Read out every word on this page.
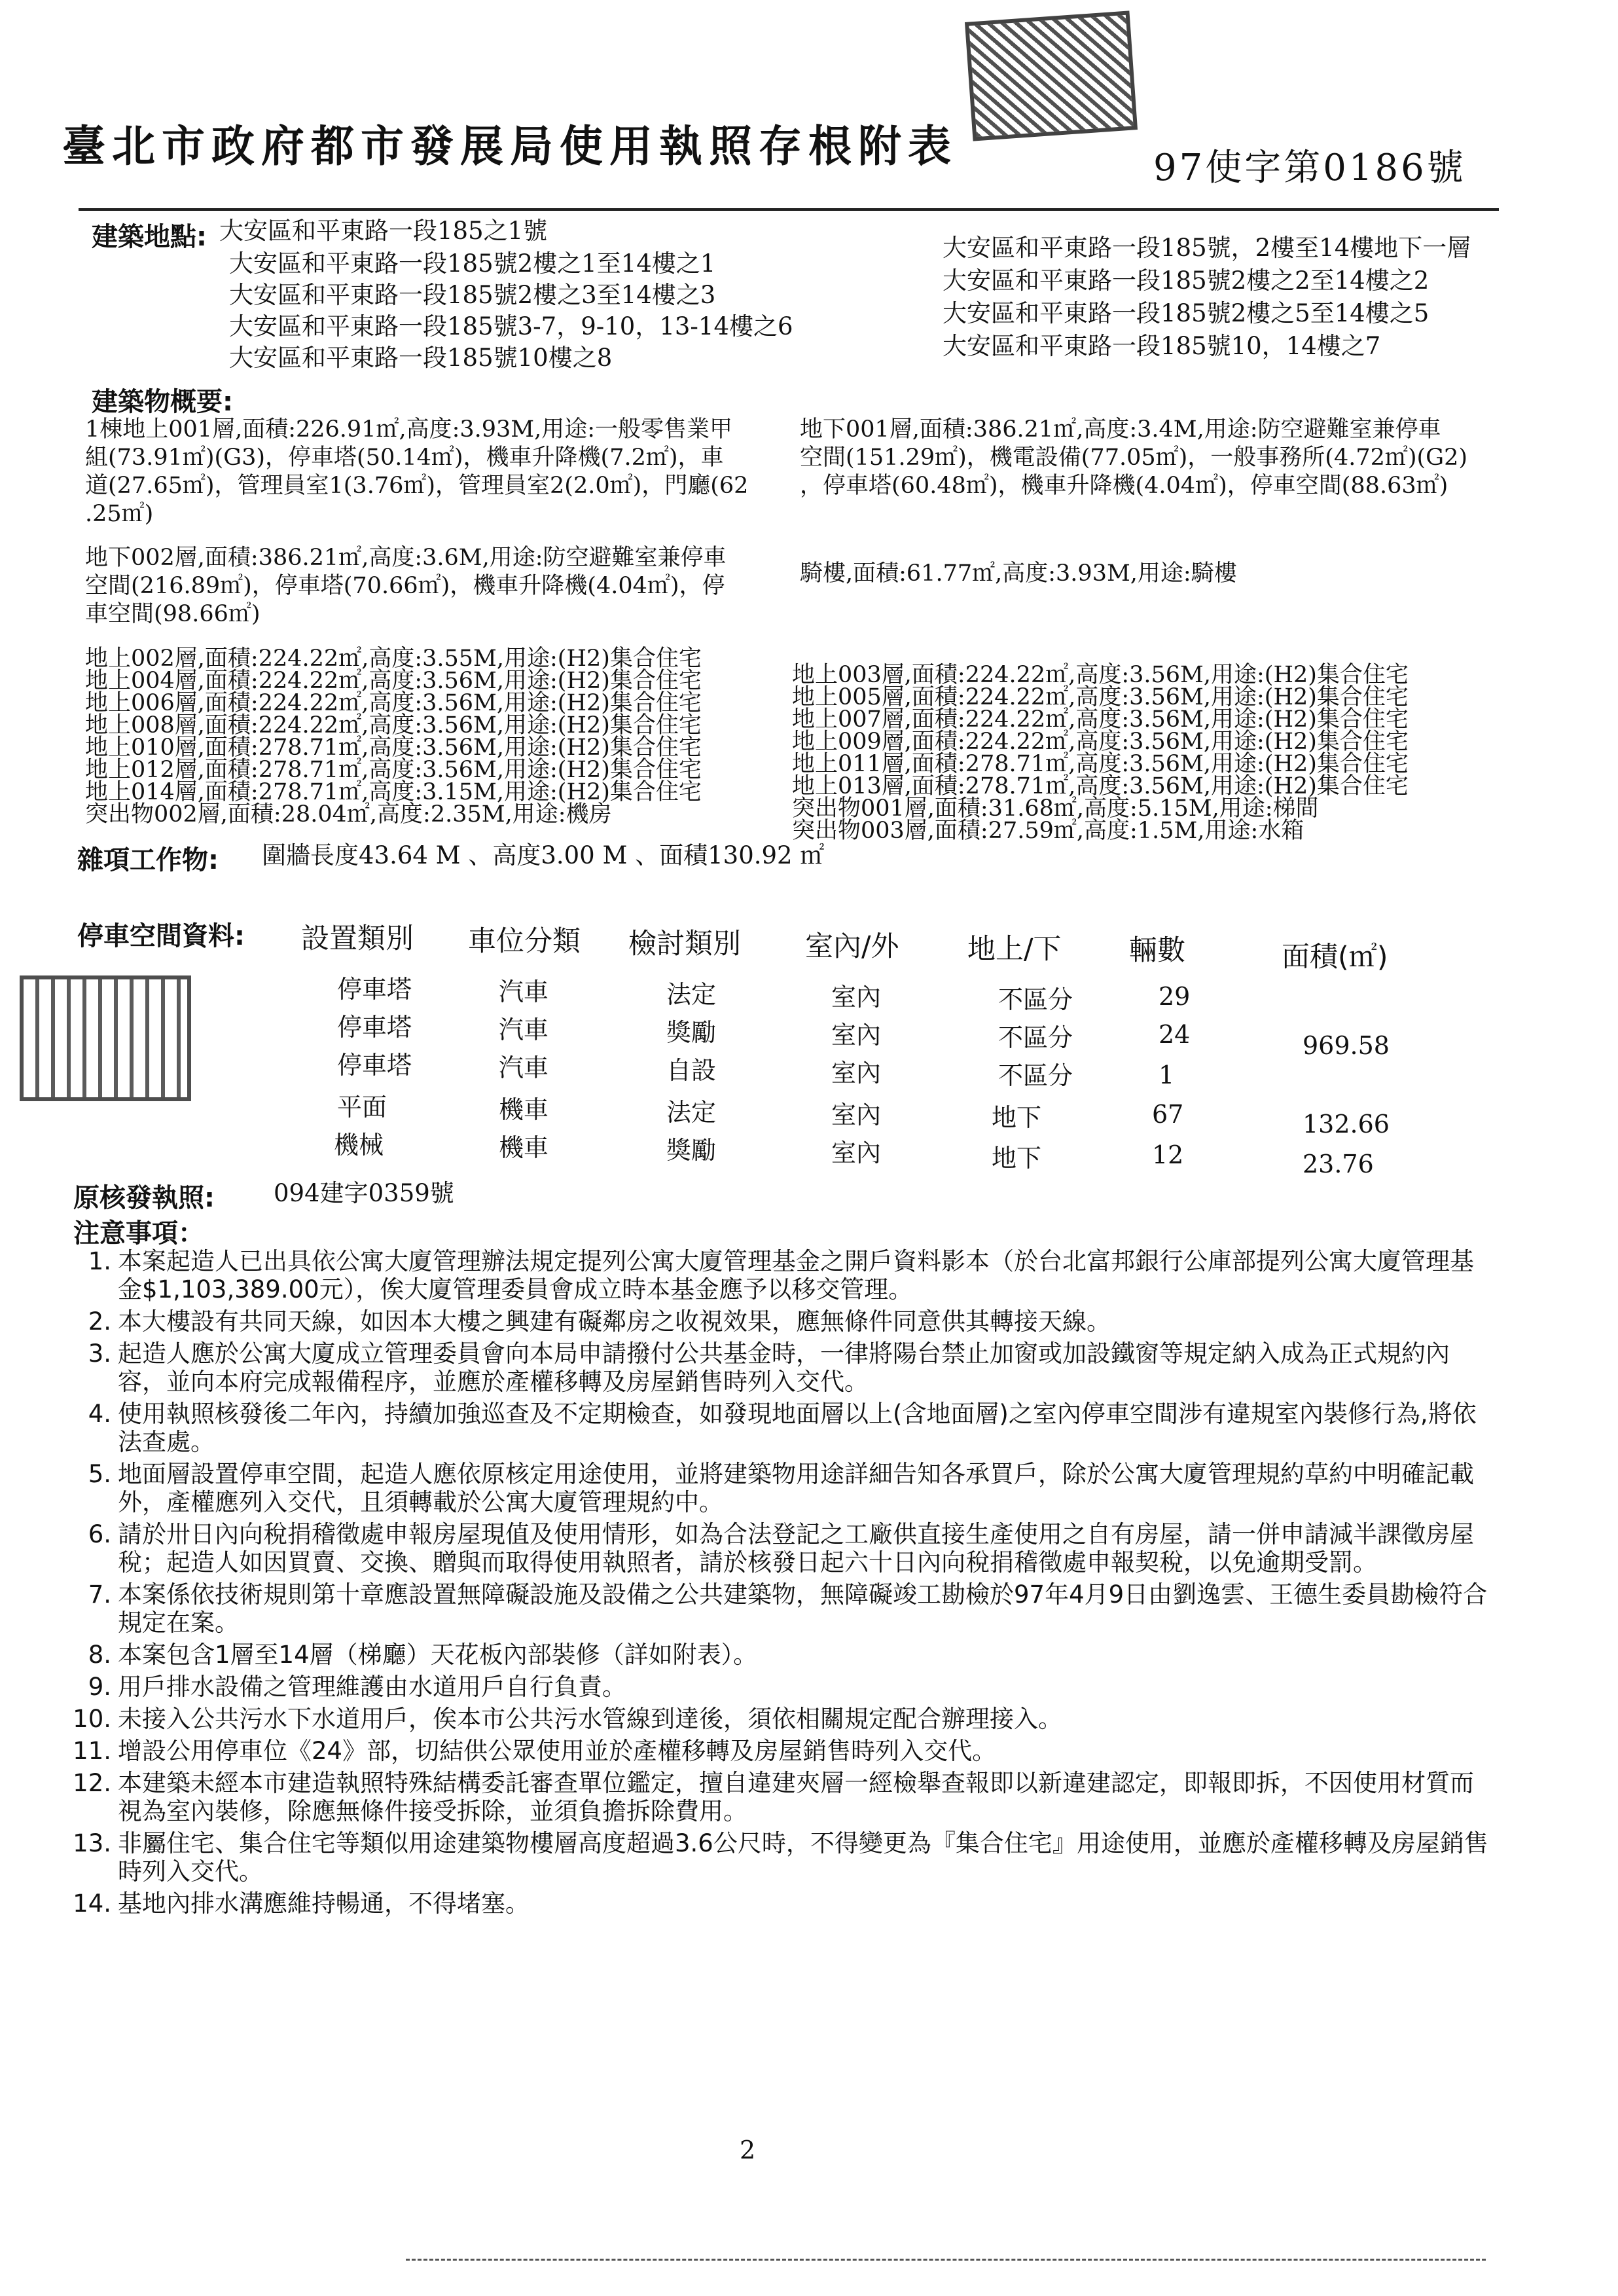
臺北市政府都市發展局使用執照存根附表	97使字第0186號
建築地點: 大安區和平東路一段185之1號
大安區和平東路一段185號2樓之1至14樓之1
大安區和平東路一段185號2樓之3至14樓之3
大安區和平東路一段185號3-7，9-10，13-14樓之6
大安區和平東路一段185號10樓之8
大安區和平東路一段185號，2樓至14樓地下一層
大安區和平東路一段185號2樓之2至14樓之2
大安區和平東路一段185號2樓之5至14樓之5
大安區和平東路一段185號10，14樓之7
建築物概要:
1棟地上001層,面積:226.91㎡,高度:3.93M,用途:一般零售業甲
組(73.91㎡)(G3)，停車塔(50.14㎡)，機車升降機(7.2㎡)，車
道(27.65㎡)，管理員室1(3.76㎡)，管理員室2(2.0㎡)，門廳(62
.25㎡)
地下001層,面積:386.21㎡,高度:3.4M,用途:防空避難室兼停車
空間(151.29㎡)，機電設備(77.05㎡)，一般事務所(4.72㎡)(G2)
，停車塔(60.48㎡)，機車升降機(4.04㎡)，停車空間(88.63㎡)
地下002層,面積:386.21㎡,高度:3.6M,用途:防空避難室兼停車
空間(216.89㎡)，停車塔(70.66㎡)，機車升降機(4.04㎡)，停
車空間(98.66㎡)
騎樓,面積:61.77㎡,高度:3.93M,用途:騎樓
地上002層,面積:224.22㎡,高度:3.55M,用途:(H2)集合住宅
地上004層,面積:224.22㎡,高度:3.56M,用途:(H2)集合住宅
地上006層,面積:224.22㎡,高度:3.56M,用途:(H2)集合住宅
地上008層,面積:224.22㎡,高度:3.56M,用途:(H2)集合住宅
地上010層,面積:278.71㎡,高度:3.56M,用途:(H2)集合住宅
地上012層,面積:278.71㎡,高度:3.56M,用途:(H2)集合住宅
地上014層,面積:278.71㎡,高度:3.15M,用途:(H2)集合住宅
突出物002層,面積:28.04㎡,高度:2.35M,用途:機房
地上003層,面積:224.22㎡,高度:3.56M,用途:(H2)集合住宅
地上005層,面積:224.22㎡,高度:3.56M,用途:(H2)集合住宅
地上007層,面積:224.22㎡,高度:3.56M,用途:(H2)集合住宅
地上009層,面積:224.22㎡,高度:3.56M,用途:(H2)集合住宅
地上011層,面積:278.71㎡,高度:3.56M,用途:(H2)集合住宅
地上013層,面積:278.71㎡,高度:3.56M,用途:(H2)集合住宅
突出物001層,面積:31.68㎡,高度:5.15M,用途:梯間
突出物003層,面積:27.59㎡,高度:1.5M,用途:水箱
雜項工作物: 圍牆長度43.64 M 、高度3.00 M 、面積130.92 ㎡
停車空間資料: 設置類別 車位分類 檢討類別 室內/外 地上/下 輛數	面積(㎡)
停車塔	汽車	法定	室內	不區分	29
停車塔	汽車	獎勵	室內	不區分	24	969.58
停車塔	汽車	自設	室內	不區分	1
平面	機車	法定	室內	地下	67	132.66
機械	機車	獎勵	室內	地下	12	23.76
原核發執照: 094建字0359號
注意事項：
1. 本案起造人已出具依公寓大廈管理辦法規定提列公寓大廈管理基金之開戶資料影本（於台北富邦銀行公庫部提列公寓大廈管理基金$1,103,389.00元），俟大廈管理委員會成立時本基金應予以移交管理。
2. 本大樓設有共同天線，如因本大樓之興建有礙鄰房之收視效果，應無條件同意供其轉接天線。
3. 起造人應於公寓大廈成立管理委員會向本局申請撥付公共基金時，一律將陽台禁止加窗或加設鐵窗等規定納入成為正式規約內容，並向本府完成報備程序，並應於產權移轉及房屋銷售時列入交代。
4. 使用執照核發後二年內，持續加強巡查及不定期檢查，如發現地面層以上(含地面層)之室內停車空間涉有違規室內裝修行為,將依法查處。
5. 地面層設置停車空間，起造人應依原核定用途使用，並將建築物用途詳細告知各承買戶，除於公寓大廈管理規約草約中明確記載外，產權應列入交代，且須轉載於公寓大廈管理規約中。
6. 請於卅日內向稅捐稽徵處申報房屋現值及使用情形，如為合法登記之工廠供直接生產使用之自有房屋，請一併申請減半課徵房屋稅；起造人如因買賣、交換、贈與而取得使用執照者，請於核發日起六十日內向稅捐稽徵處申報契稅，以免逾期受罰。
7. 本案係依技術規則第十章應設置無障礙設施及設備之公共建築物，無障礙竣工勘檢於97年4月9日由劉逸雲、王德生委員勘檢符合規定在案。
8. 本案包含1層至14層（梯廳）天花板內部裝修（詳如附表）。
9. 用戶排水設備之管理維護由水道用戶自行負責。
10. 未接入公共污水下水道用戶，俟本市公共污水管線到達後，須依相關規定配合辦理接入。
11. 增設公用停車位《24》部，切結供公眾使用並於產權移轉及房屋銷售時列入交代。
12. 本建築未經本市建造執照特殊結構委託審查單位鑑定，擅自違建夾層一經檢舉查報即以新違建認定，即報即拆，不因使用材質而視為室內裝修，除應無條件接受拆除，並須負擔拆除費用。
13. 非屬住宅、集合住宅等類似用途建築物樓層高度超過3.6公尺時，不得變更為『集合住宅』用途使用，並應於產權移轉及房屋銷售時列入交代。
14. 基地內排水溝應維持暢通，不得堵塞。
2
